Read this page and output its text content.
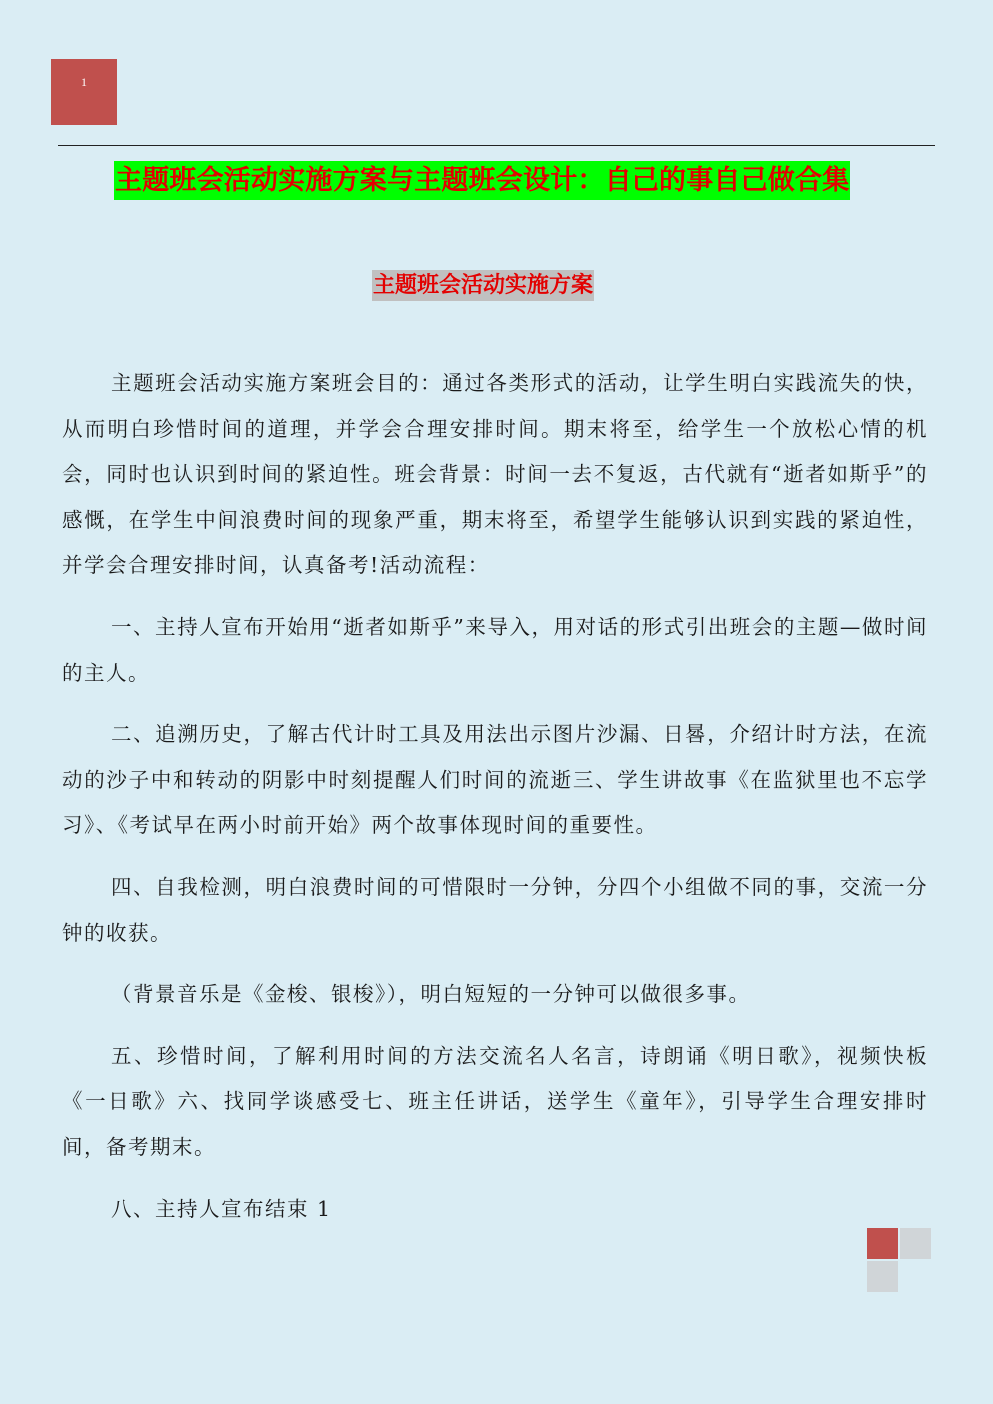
1
主题班会活动实施方案与主题班会设计：自己的事自己做合集
主题班会活动实施方案

主题班会活动实施方案班会目的：通过各类形式的活动，让学生明白实践流失的快，从而明白珍惜时间的道理，并学会合理安排时间。期末将至，给学生一个放松心情的机会，同时也认识到时间的紧迫性。班会背景：时间一去不复返，古代就有“逝者如斯乎”的感慨，在学生中间浪费时间的现象严重，期末将至，希望学生能够认识到实践的紧迫性，并学会合理安排时间，认真备考!活动流程：

一、主持人宣布开始用“逝者如斯乎”来导入，用对话的形式引出班会的主题—做时间的主人。

二、追溯历史，了解古代计时工具及用法出示图片沙漏、日晷，介绍计时方法，在流动的沙子中和转动的阴影中时刻提醒人们时间的流逝三、学生讲故事《在监狱里也不忘学习》、《考试早在两小时前开始》两个故事体现时间的重要性。

四、自我检测，明白浪费时间的可惜限时一分钟，分四个小组做不同的事，交流一分钟的收获。

（背景音乐是《金梭、银梭》），明白短短的一分钟可以做很多事。

五、珍惜时间，了解利用时间的方法交流名人名言，诗朗诵《明日歌》，视频快板《一日歌》六、找同学谈感受七、班主任讲话，送学生《童年》，引导学生合理安排时间，备考期末。

八、主持人宣布结束 1
